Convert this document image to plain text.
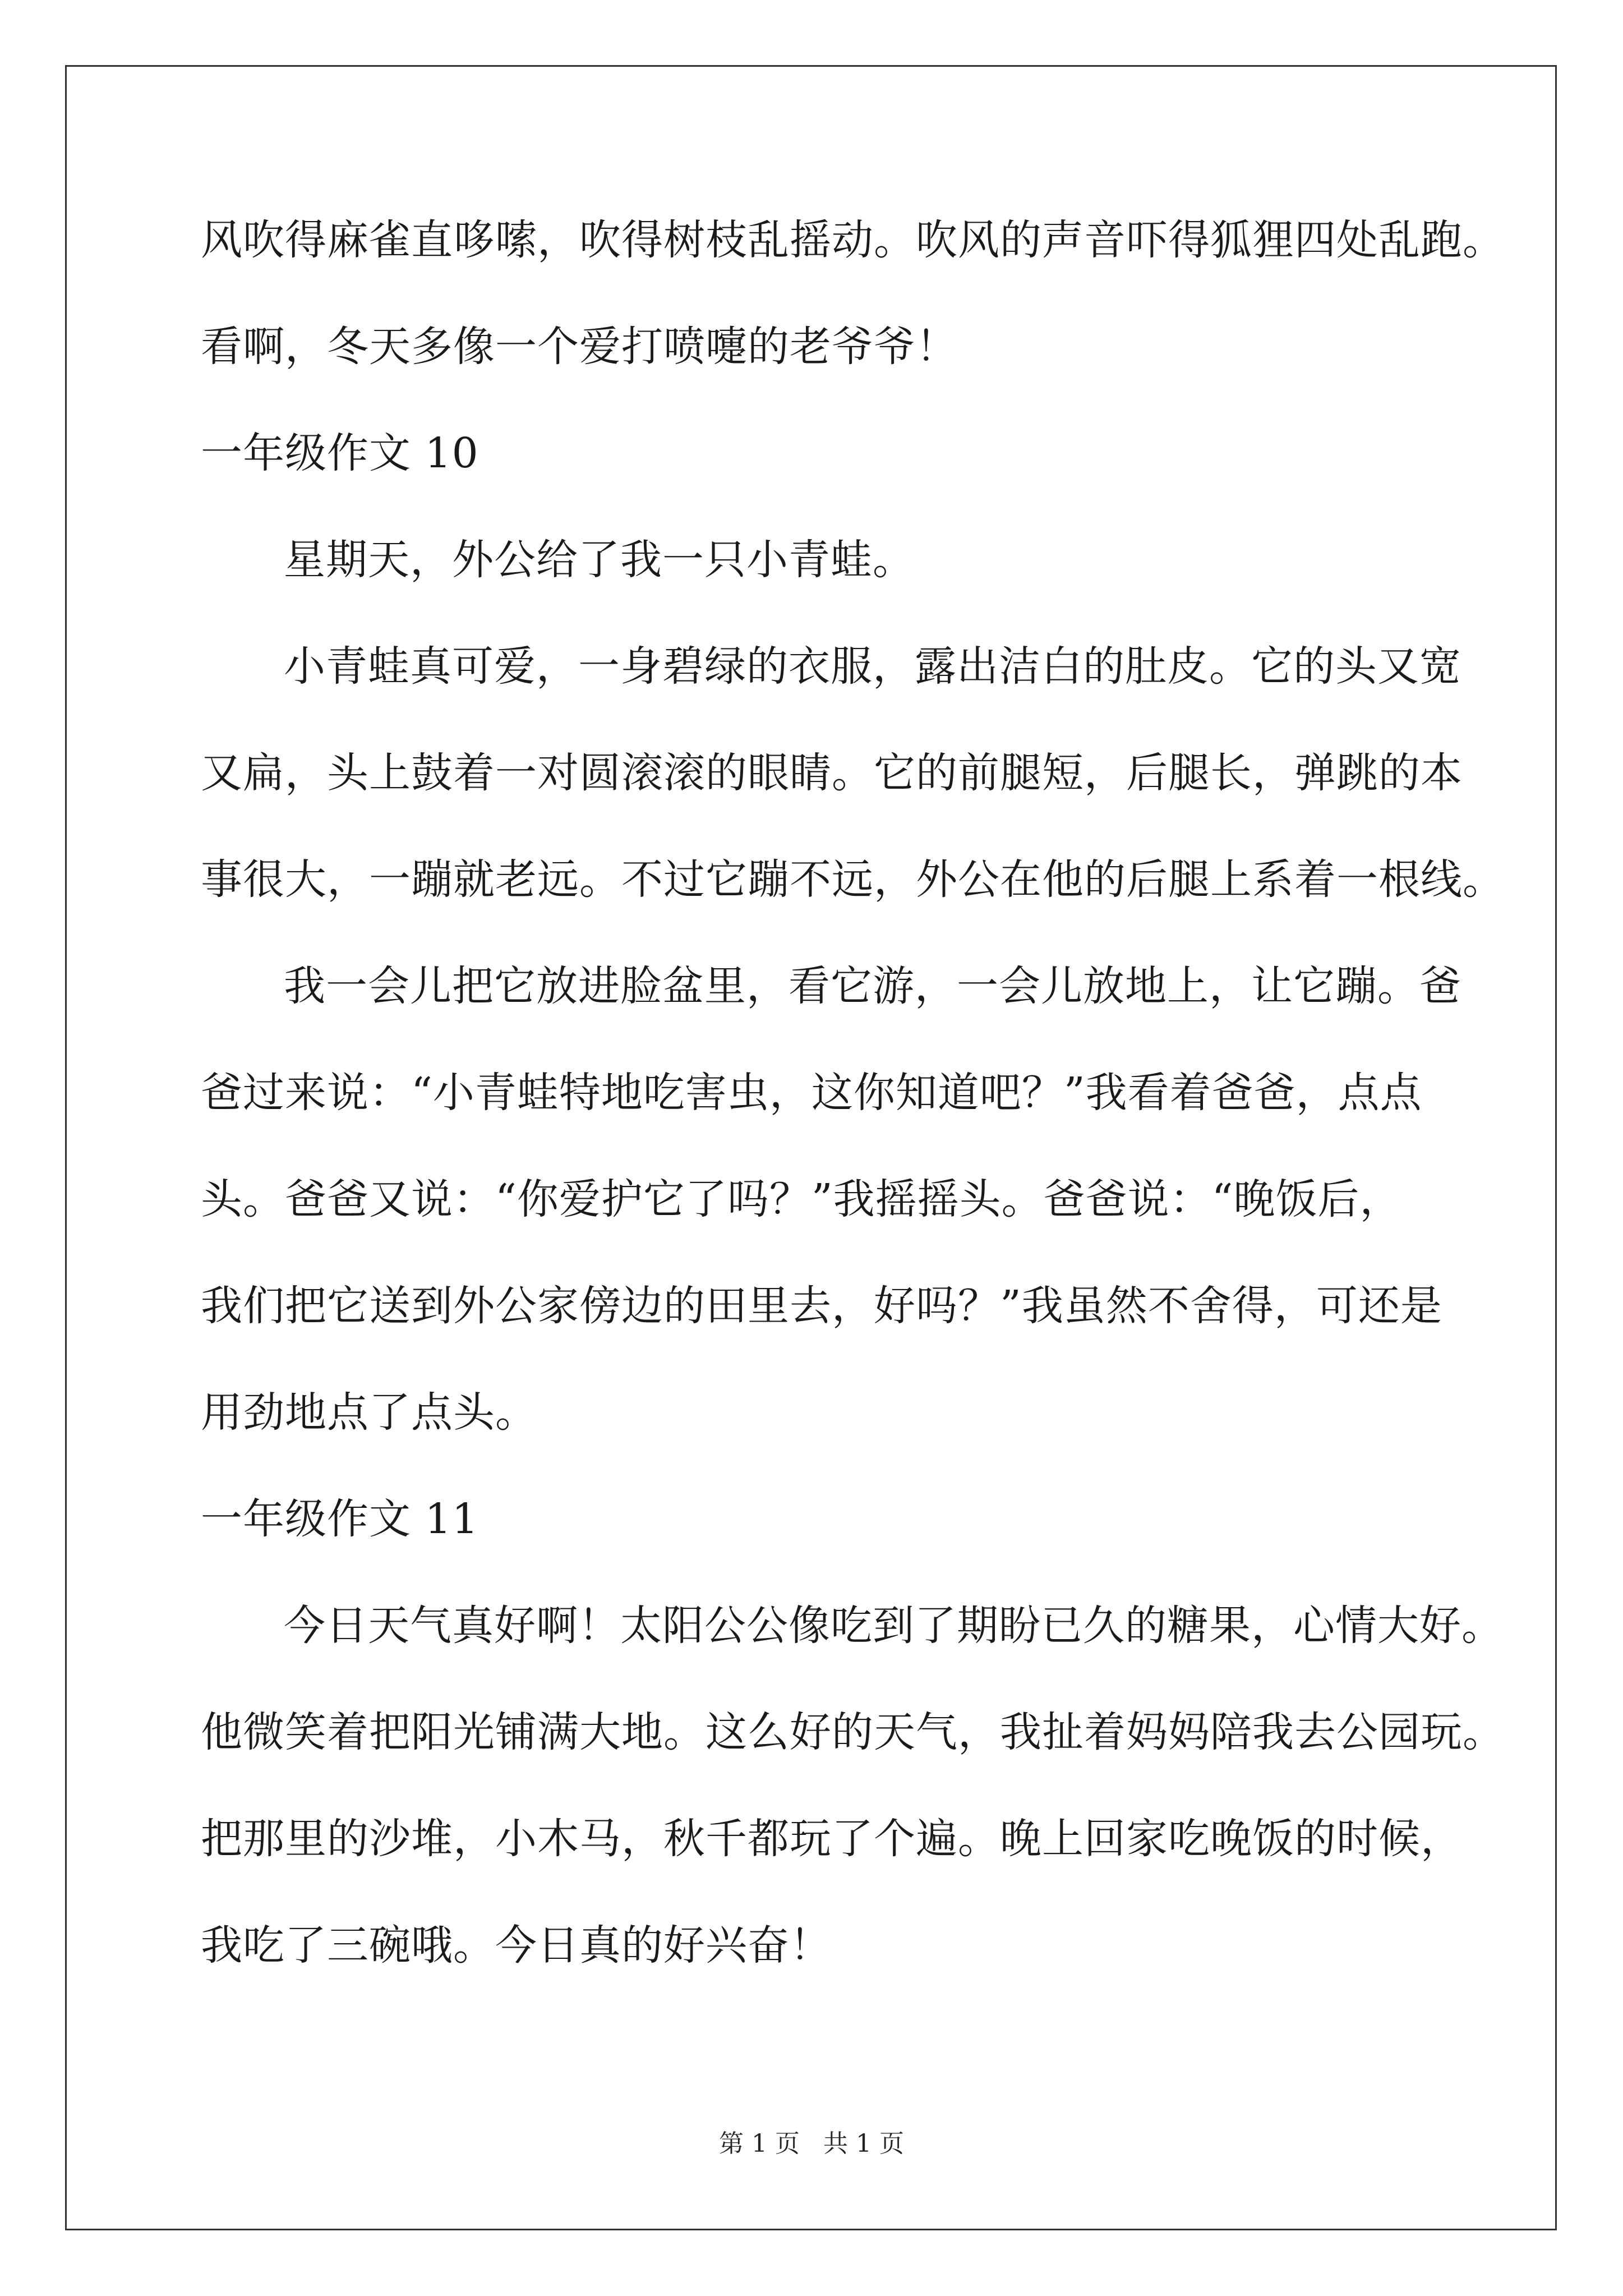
风吹得麻雀直哆嗦，吹得树枝乱摇动。吹风的声音吓得狐狸四处乱跑。
看啊，冬天多像一个爱打喷嚏的老爷爷！
一年级作文 10
星期天，外公给了我一只小青蛙。
小青蛙真可爱，一身碧绿的衣服，露出洁白的肚皮。它的头又宽
又扁，头上鼓着一对圆滚滚的眼睛。它的前腿短，后腿长，弹跳的本
事很大，一蹦就老远。不过它蹦不远，外公在他的后腿上系着一根线。
我一会儿把它放进脸盆里，看它游，一会儿放地上，让它蹦。爸
爸过来说：“小青蛙特地吃害虫，这你知道吧？”我看着爸爸，点点
头。爸爸又说：“你爱护它了吗？”我摇摇头。爸爸说：“晚饭后，
我们把它送到外公家傍边的田里去，好吗？”我虽然不舍得，可还是
用劲地点了点头。
一年级作文 11
今日天气真好啊！太阳公公像吃到了期盼已久的糖果，心情大好。
他微笑着把阳光铺满大地。这么好的天气，我扯着妈妈陪我去公园玩。
把那里的沙堆，小木马，秋千都玩了个遍。晚上回家吃晚饭的时候，
我吃了三碗哦。今日真的好兴奋！
第 1 页 共 1 页
